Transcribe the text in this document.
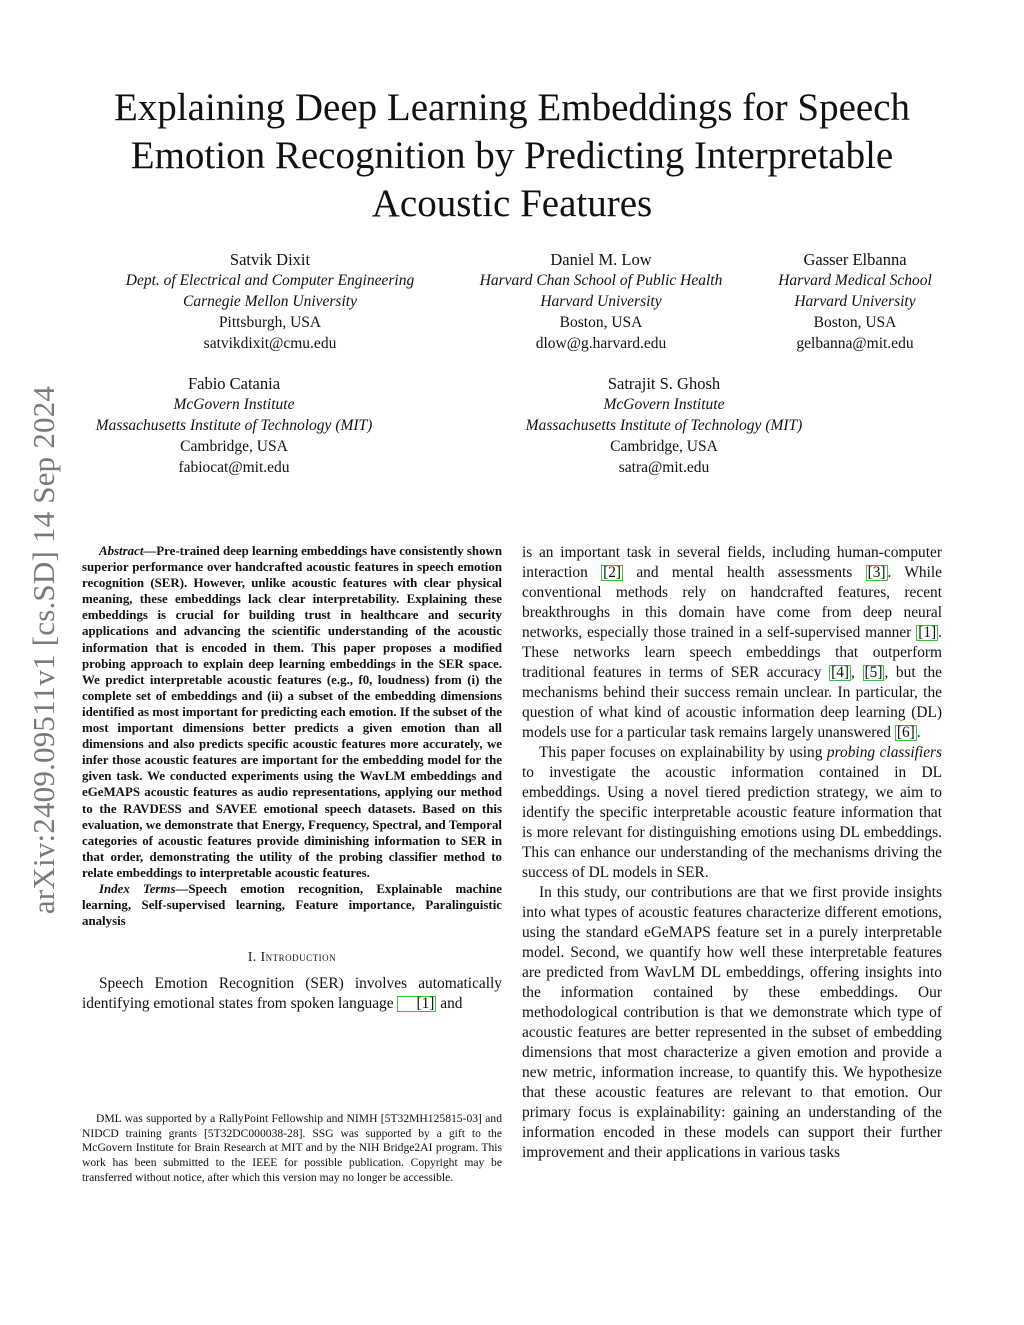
arXiv:2409.09511v1 [cs.SD] 14 Sep 2024
Explaining Deep Learning Embeddings for Speech Emotion Recognition by Predicting Interpretable Acoustic Features
Satvik Dixit
Dept. of Electrical and Computer Engineering
Carnegie Mellon University
Pittsburgh, USA
satvikdixit@cmu.edu
Daniel M. Low
Harvard Chan School of Public Health
Harvard University
Boston, USA
dlow@g.harvard.edu
Gasser Elbanna
Harvard Medical School
Harvard University
Boston, USA
gelbanna@mit.edu
Fabio Catania
McGovern Institute
Massachusetts Institute of Technology (MIT)
Cambridge, USA
fabiocat@mit.edu
Satrajit S. Ghosh
McGovern Institute
Massachusetts Institute of Technology (MIT)
Cambridge, USA
satra@mit.edu

Abstract—Pre-trained deep learning embeddings have consistently shown superior performance over handcrafted acoustic features in speech emotion recognition (SER). However, unlike acoustic features with clear physical meaning, these embeddings lack clear interpretability. Explaining these embeddings is crucial for building trust in healthcare and security applications and advancing the scientific understanding of the acoustic information that is encoded in them. This paper proposes a modified probing approach to explain deep learning embeddings in the SER space. We predict interpretable acoustic features (e.g., f0, loudness) from (i) the complete set of embeddings and (ii) a subset of the embedding dimensions identified as most important for predicting each emotion. If the subset of the most important dimensions better predicts a given emotion than all dimensions and also predicts specific acoustic features more accurately, we infer those acoustic features are important for the embedding model for the given task. We conducted experiments using the WavLM embeddings and eGeMAPS acoustic features as audio representations, applying our method to the RAVDESS and SAVEE emotional speech datasets. Based on this evaluation, we demonstrate that Energy, Frequency, Spectral, and Temporal categories of acoustic features provide diminishing information to SER in that order, demonstrating the utility of the probing classifier method to relate embeddings to interpretable acoustic features.

Index Terms—Speech emotion recognition, Explainable machine learning, Self-supervised learning, Feature importance, Paralinguistic analysis

I. Introduction

Speech Emotion Recognition (SER) involves automatically identifying emotional states from spoken language [1] and

DML was supported by a RallyPoint Fellowship and NIMH [5T32MH125815-03] and NIDCD training grants [5T32DC000038-28]. SSG was supported by a gift to the McGovern Institute for Brain Research at MIT and by the NIH Bridge2AI program. This work has been submitted to the IEEE for possible publication. Copyright may be transferred without notice, after which this version may no longer be accessible.

is an important task in several fields, including human-computer interaction [2] and mental health assessments [3] . While conventional methods rely on handcrafted features, recent breakthroughs in this domain have come from deep neural networks, especially those trained in a self-supervised manner [1] . These networks learn speech embeddings that outperform traditional features in terms of SER accuracy [4] , [5] , but the mechanisms behind their success remain unclear. In particular, the question of what kind of acoustic information deep learning (DL) models use for a particular task remains largely unanswered [6] .

This paper focuses on explainability by using probing classifiers to investigate the acoustic information contained in DL embeddings. Using a novel tiered prediction strategy, we aim to identify the specific interpretable acoustic feature information that is more relevant for distinguishing emotions using DL embeddings. This can enhance our understanding of the mechanisms driving the success of DL models in SER.

In this study, our contributions are that we first provide insights into what types of acoustic features characterize different emotions, using the standard eGeMAPS feature set in a purely interpretable model. Second, we quantify how well these interpretable features are predicted from WavLM DL embeddings, offering insights into the information contained by these embeddings. Our methodological contribution is that we demonstrate which type of acoustic features are better represented in the subset of embedding dimensions that most characterize a given emotion and provide a new metric, information increase, to quantify this. We hypothesize that these acoustic features are relevant to that emotion. Our primary focus is explainability: gaining an understanding of the information encoded in these models can support their further improvement and their applications in various tasks
